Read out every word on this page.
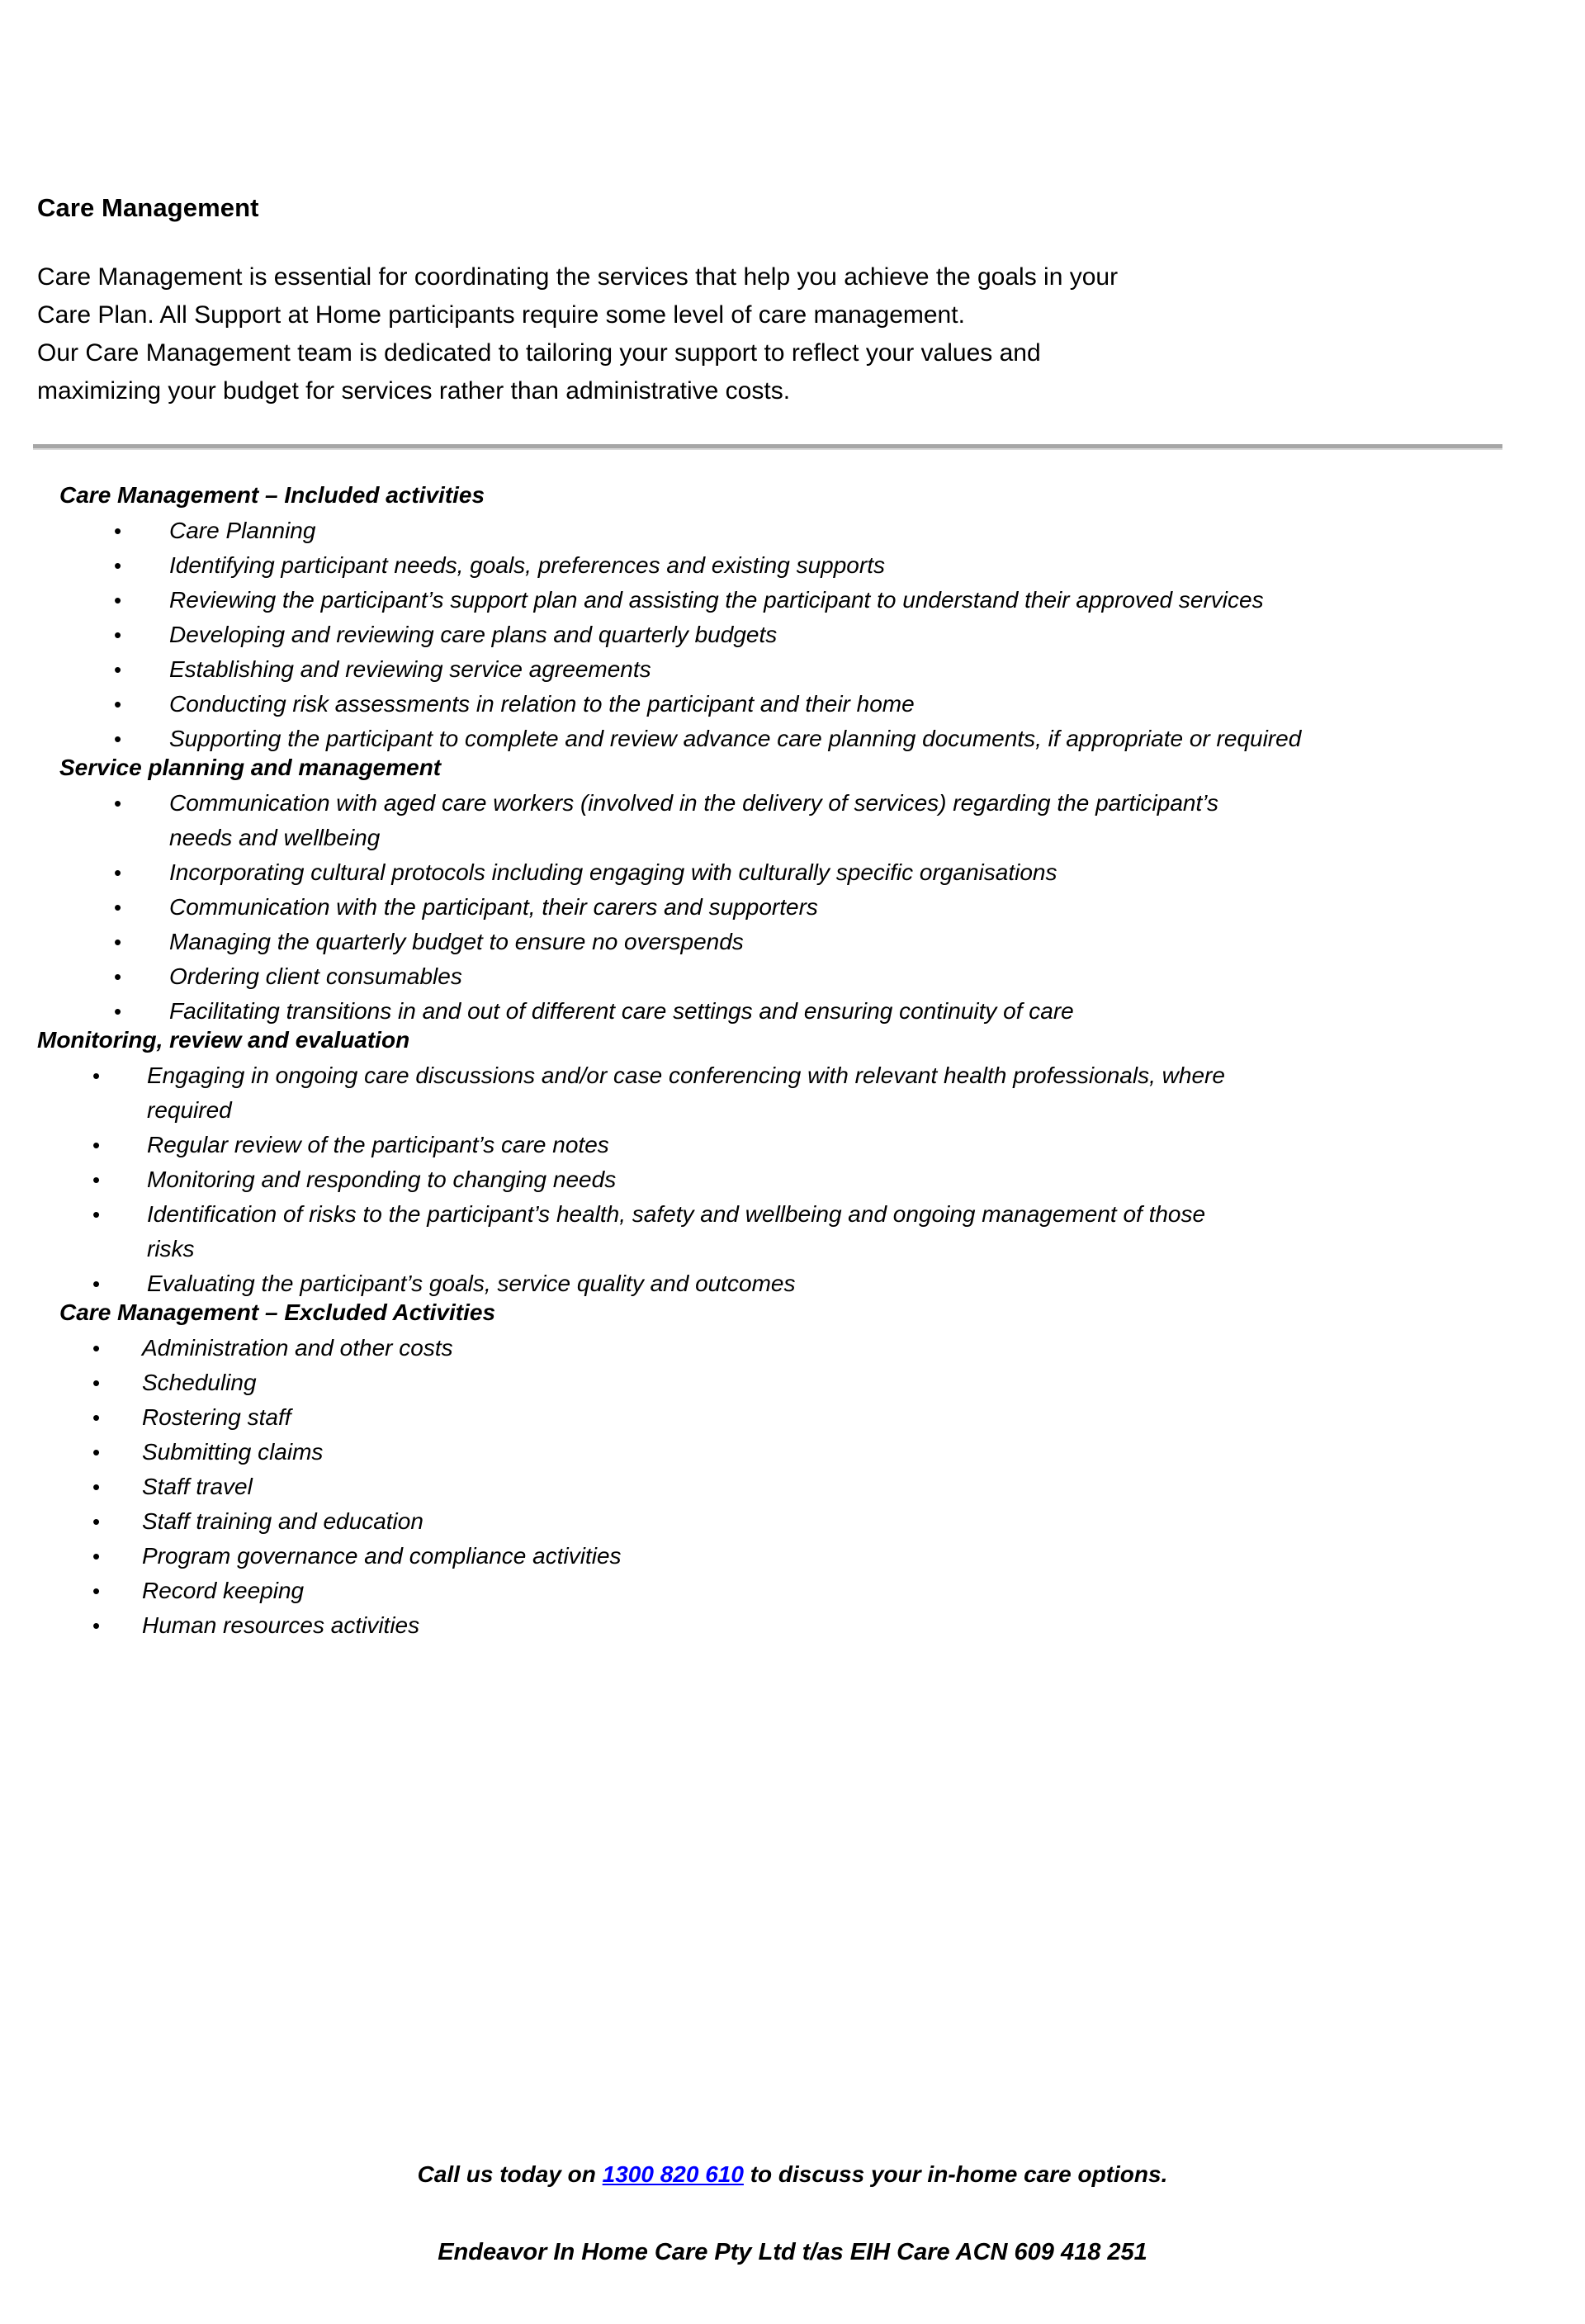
Care Management

Care Management is essential for coordinating the services that help you achieve the goals in your
Care Plan. All Support at Home participants require some level of care management.
Our Care Management team is dedicated to tailoring your support to reflect your values and
maximizing your budget for services rather than administrative costs.

Care Management – Included activities
•	Care Planning
•	Identifying participant needs, goals, preferences and existing supports
•	Reviewing the participant’s support plan and assisting the participant to understand their approved services
•	Developing and reviewing care plans and quarterly budgets
•	Establishing and reviewing service agreements
•	Conducting risk assessments in relation to the participant and their home
•	Supporting the participant to complete and review advance care planning documents, if appropriate or required
Service planning and management
•	Communication with aged care workers (involved in the delivery of services) regarding the participant’s needs and wellbeing
•	Incorporating cultural protocols including engaging with culturally specific organisations
•	Communication with the participant, their carers and supporters
•	Managing the quarterly budget to ensure no overspends
•	Ordering client consumables
•	Facilitating transitions in and out of different care settings and ensuring continuity of care
Monitoring, review and evaluation
•	Engaging in ongoing care discussions and/or case conferencing with relevant health professionals, where required
•	Regular review of the participant’s care notes
•	Monitoring and responding to changing needs
•	Identification of risks to the participant’s health, safety and wellbeing and ongoing management of those risks
•	Evaluating the participant’s goals, service quality and outcomes
Care Management – Excluded Activities
•	Administration and other costs
•	Scheduling
•	Rostering staff
•	Submitting claims
•	Staff travel
•	Staff training and education
•	Program governance and compliance activities
•	Record keeping
•	Human resources activities

Call us today on 1300 820 610 to discuss your in-home care options.

Endeavor In Home Care Pty Ltd t/as EIH Care ACN 609 418 251
